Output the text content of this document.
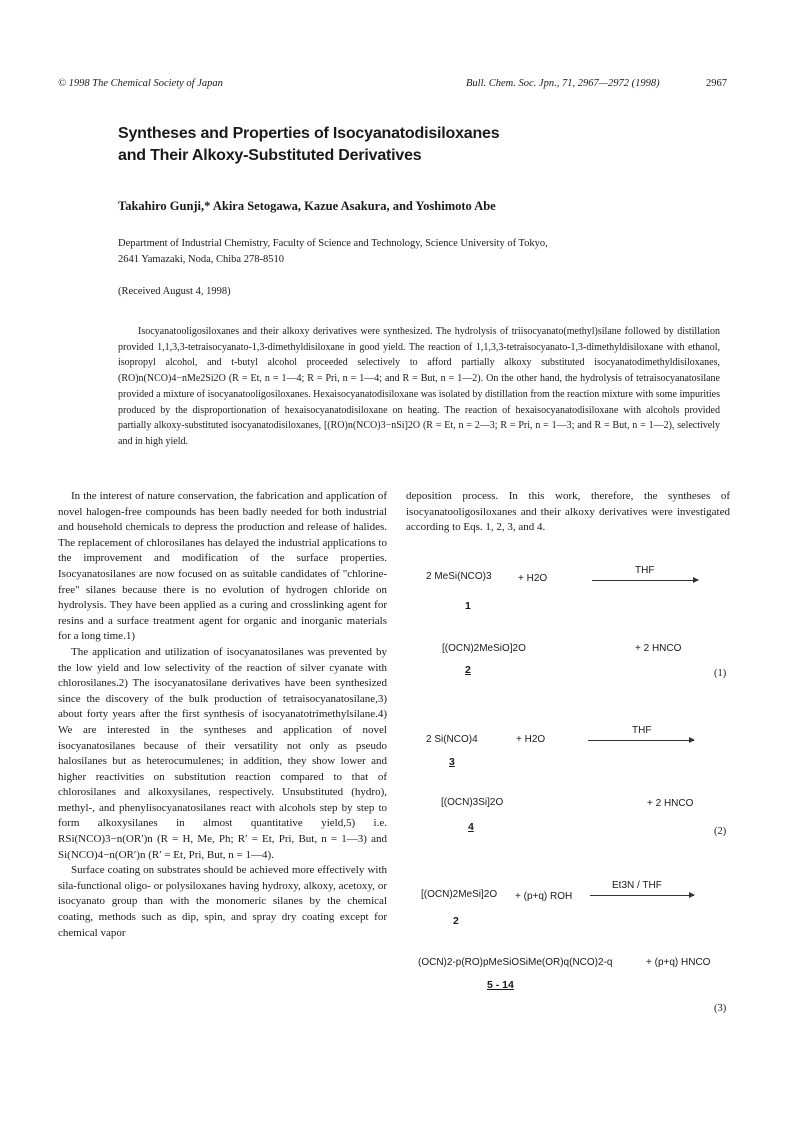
© 1998 The Chemical Society of Japan	Bull. Chem. Soc. Jpn., 71, 2967—2972 (1998)	2967
Syntheses and Properties of Isocyanatodisiloxanes
and Their Alkoxy-Substituted Derivatives
Takahiro Gunji,* Akira Setogawa, Kazue Asakura, and Yoshimoto Abe
Department of Industrial Chemistry, Faculty of Science and Technology, Science University of Tokyo,
2641 Yamazaki, Noda, Chiba 278-8510
(Received August 4, 1998)
Isocyanatooligosiloxanes and their alkoxy derivatives were synthesized. The hydrolysis of triisocyanato(methyl)silane followed by distillation provided 1,1,3,3-tetraisocyanato-1,3-dimethyldisiloxane in good yield. The reaction of 1,1,3,3-tetraisocyanato-1,3-dimethyldisiloxane with ethanol, isopropyl alcohol, and t-butyl alcohol proceeded selectively to afford partially alkoxy substituted isocyanatodimethyldisiloxanes, (RO)n(NCO)4−nMe2Si2O (R = Et, n = 1—4; R = Pri, n = 1—4; and R = But, n = 1—2). On the other hand, the hydrolysis of tetraisocyanatosilane provided a mixture of isocyanatooligosiloxanes. Hexaisocyanatodisiloxane was isolated by distillation from the reaction mixture with some impurities produced by the disproportionation of hexaisocyanatodisiloxane on heating. The reaction of hexaisocyanatodisiloxane with alcohols provided partially alkoxy-substituted isocyanatodisiloxanes, [(RO)n(NCO)3−nSi]2O (R = Et, n = 2—3; R = Pri, n = 1—3; and R = But, n = 1—2), selectively and in high yield.

In the interest of nature conservation, the fabrication and application of novel halogen-free compounds has been badly needed for both industrial and household chemicals to depress the production and release of halides. The replacement of chlorosilanes has delayed the industrial applications to the improvement and modification of the surface properties. Isocyanatosilanes are now focused on as suitable candidates of "chlorine-free" silanes because there is no evolution of hydrogen chloride on hydrolysis. They have been applied as a curing and crosslinking agent for resins and a surface treatment agent for organic and inorganic materials for a long time.1)

The application and utilization of isocyanatosilanes was prevented by the low yield and low selectivity of the reaction of silver cyanate with chlorosilanes.2) The isocyanatosilane derivatives have been synthesized since the discovery of the bulk production of tetraisocyanatosilane,3) about forty years after the first synthesis of isocyanatotrimethylsilane.4) We are interested in the syntheses and application of novel isocyanatosilanes because of their versatility not only as pseudo halosilanes but as heterocumulenes; in addition, they show lower and higher reactivities on substitution reaction compared to that of chlorosilanes and alkoxysilanes, respectively. Unsubstituted (hydro), methyl-, and phenylisocyanatosilanes react with alcohols step by step to form alkoxysilanes in almost quantitative yield,5) i.e. RSi(NCO)3−n(OR′)n (R = H, Me, Ph; R′ = Et, Pri, But, n = 1—3) and Si(NCO)4−n(OR′)n (R′ = Et, Pri, But, n = 1—4).

Surface coating on substrates should be achieved more effectively with sila-functional oligo- or polysiloxanes having hydroxy, alkoxy, acetoxy, or isocyanato group than with the monomeric silanes by the chemical coating, methods such as dip, spin, and spray dry coating except for chemical vapor

deposition process. In this work, therefore, the syntheses of isocyanatooligosiloxanes and their alkoxy derivatives were investigated according to Eqs. 1, 2, 3, and 4.

2 MeSi(NCO)3	+ H2O
THF
1
[(OCN)2MeSiO]2O	+ 2 HNCO
2	(1)
2 Si(NCO)4	+ H2O
THF
3
[(OCN)3Si]2O	+ 2 HNCO
4	(2)
[(OCN)2MeSi]2O + (p+q) ROH
Et3N / THF
2
(OCN)2-p(RO)pMeSiOSiMe(OR)q(NCO)2-q	+ (p+q) HNCO
5 - 14
(3)
